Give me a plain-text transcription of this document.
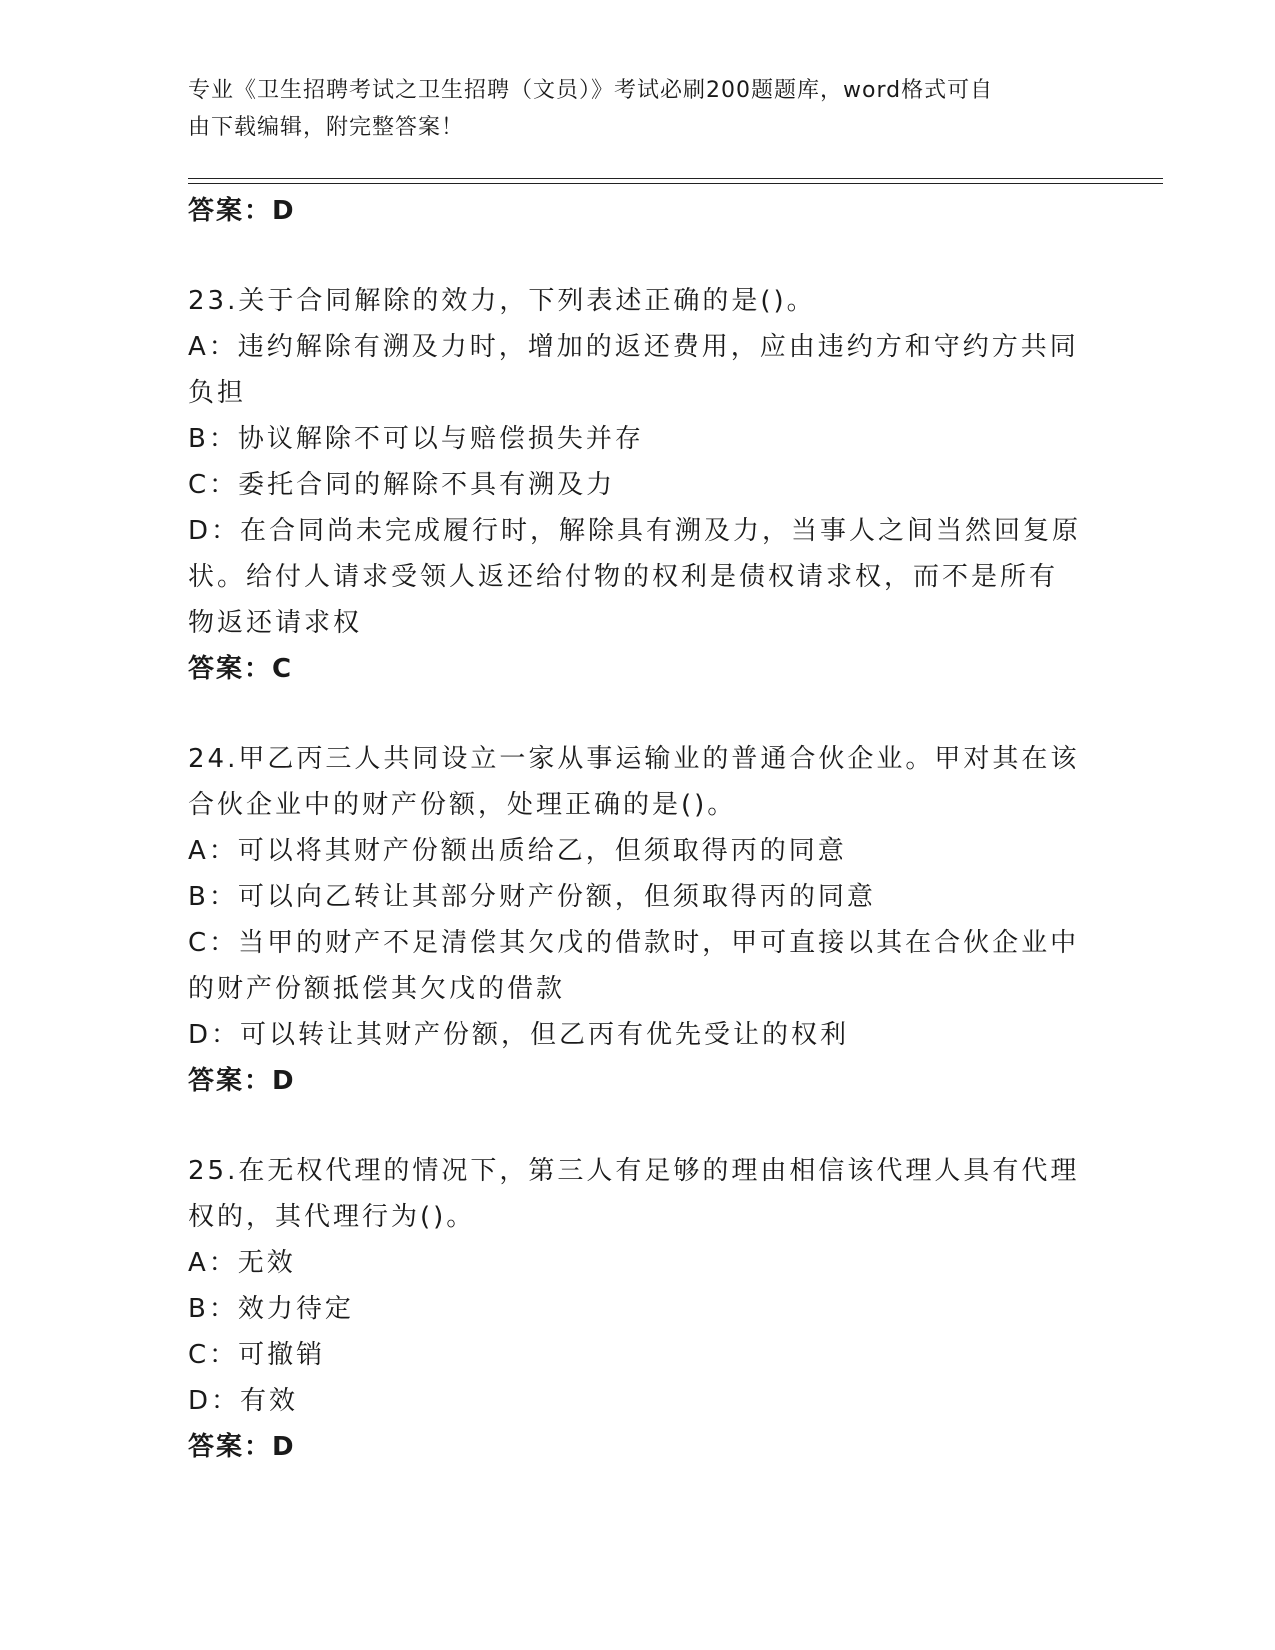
专业《卫生招聘考试之卫生招聘（文员）》考试必刷200题题库，word格式可自
由下载编辑，附完整答案！
答案：D
23.关于合同解除的效力，下列表述正确的是()。
A：违约解除有溯及力时，增加的返还费用，应由违约方和守约方共同
负担
B：协议解除不可以与赔偿损失并存
C：委托合同的解除不具有溯及力
D：在合同尚未完成履行时，解除具有溯及力，当事人之间当然回复原
状。给付人请求受领人返还给付物的权利是债权请求权，而不是所有
物返还请求权
答案：C
24.甲乙丙三人共同设立一家从事运输业的普通合伙企业。甲对其在该
合伙企业中的财产份额，处理正确的是()。
A：可以将其财产份额出质给乙，但须取得丙的同意
B：可以向乙转让其部分财产份额，但须取得丙的同意
C：当甲的财产不足清偿其欠戊的借款时，甲可直接以其在合伙企业中
的财产份额抵偿其欠戊的借款
D：可以转让其财产份额，但乙丙有优先受让的权利
答案：D
25.在无权代理的情况下，第三人有足够的理由相信该代理人具有代理
权的，其代理行为()。
A：无效
B：效力待定
C：可撤销
D：有效
答案：D
